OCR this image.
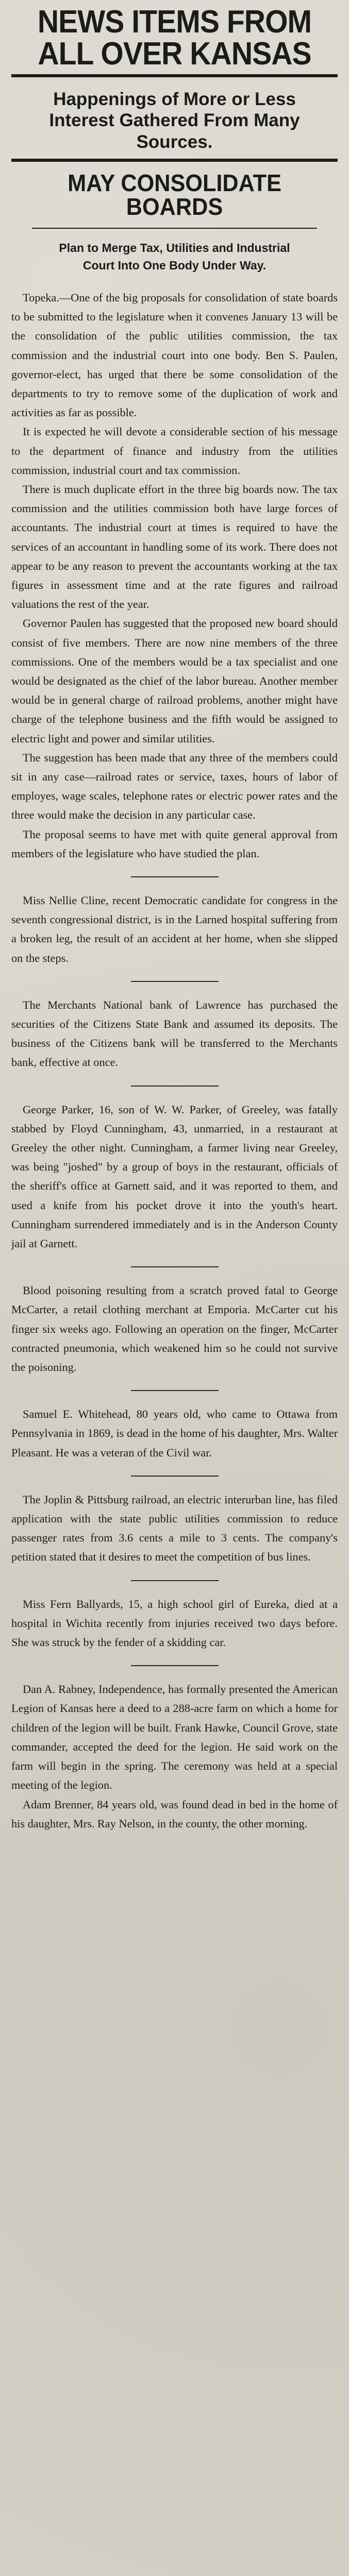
NEWS ITEMS FROM ALL OVER KANSAS
Happenings of More or Less Interest Gathered From Many Sources.
MAY CONSOLIDATE BOARDS
Plan to Merge Tax, Utilities and Industrial Court Into One Body Under Way.

Topeka.—One of the big proposals for consolidation of state boards to be submitted to the legislature when it convenes January 13 will be the consolidation of the public utilities commission, the tax commission and the industrial court into one body. Ben S. Paulen, governor-elect, has urged that there be some consolidation of the departments to try to remove some of the duplication of work and activities as far as possible.

It is expected he will devote a considerable section of his message to the department of finance and industry from the utilities commission, industrial court and tax commission.

There is much duplicate effort in the three big boards now. The tax commission and the utilities commission both have large forces of accountants. The industrial court at times is required to have the services of an accountant in handling some of its work. There does not appear to be any reason to prevent the accountants working at the tax figures in assessment time and at the rate figures and railroad valuations the rest of the year.

Governor Paulen has suggested that the proposed new board should consist of five members. There are now nine members of the three commissions. One of the members would be a tax specialist and one would be designated as the chief of the labor bureau. Another member would be in general charge of railroad problems, another might have charge of the telephone business and the fifth would be assigned to electric light and power and similar utilities.

The suggestion has been made that any three of the members could sit in any case—railroad rates or service, taxes, hours of labor of employes, wage scales, telephone rates or electric power rates and the three would make the decision in any particular case.

The proposal seems to have met with quite general approval from members of the legislature who have studied the plan.

Miss Nellie Cline, recent Democratic candidate for congress in the seventh congressional district, is in the Larned hospital suffering from a broken leg, the result of an accident at her home, when she slipped on the steps.

The Merchants National bank of Lawrence has purchased the securities of the Citizens State Bank and assumed its deposits. The business of the Citizens bank will be transferred to the Merchants bank, effective at once.

George Parker, 16, son of W. W. Parker, of Greeley, was fatally stabbed by Floyd Cunningham, 43, unmarried, in a restaurant at Greeley the other night. Cunningham, a farmer living near Greeley, was being "joshed" by a group of boys in the restaurant, officials of the sheriff's office at Garnett said, and it was reported to them, and used a knife from his pocket drove it into the youth's heart. Cunningham surrendered immediately and is in the Anderson County jail at Garnett.

Blood poisoning resulting from a scratch proved fatal to George McCarter, a retail clothing merchant at Emporia. McCarter cut his finger six weeks ago. Following an operation on the finger, McCarter contracted pneumonia, which weakened him so he could not survive the poisoning.

Samuel E. Whitehead, 80 years old, who came to Ottawa from Pennsylvania in 1869, is dead in the home of his daughter, Mrs. Walter Pleasant. He was a veteran of the Civil war.

The Joplin & Pittsburg railroad, an electric interurban line, has filed application with the state public utilities commission to reduce passenger rates from 3.6 cents a mile to 3 cents. The company's petition stated that it desires to meet the competition of bus lines.

Miss Fern Ballyards, 15, a high school girl of Eureka, died at a hospital in Wichita recently from injuries received two days before. She was struck by the fender of a skidding car.

Dan A. Rabney, Independence, has formally presented the American Legion of Kansas here a deed to a 288-acre farm on which a home for children of the legion will be built. Frank Hawke, Council Grove, state commander, accepted the deed for the legion. He said work on the farm will begin in the spring. The ceremony was held at a special meeting of the legion.

Adam Brenner, 84 years old, was found dead in bed in the home of his daughter, Mrs. Ray Nelson, in the county, the other morning.
